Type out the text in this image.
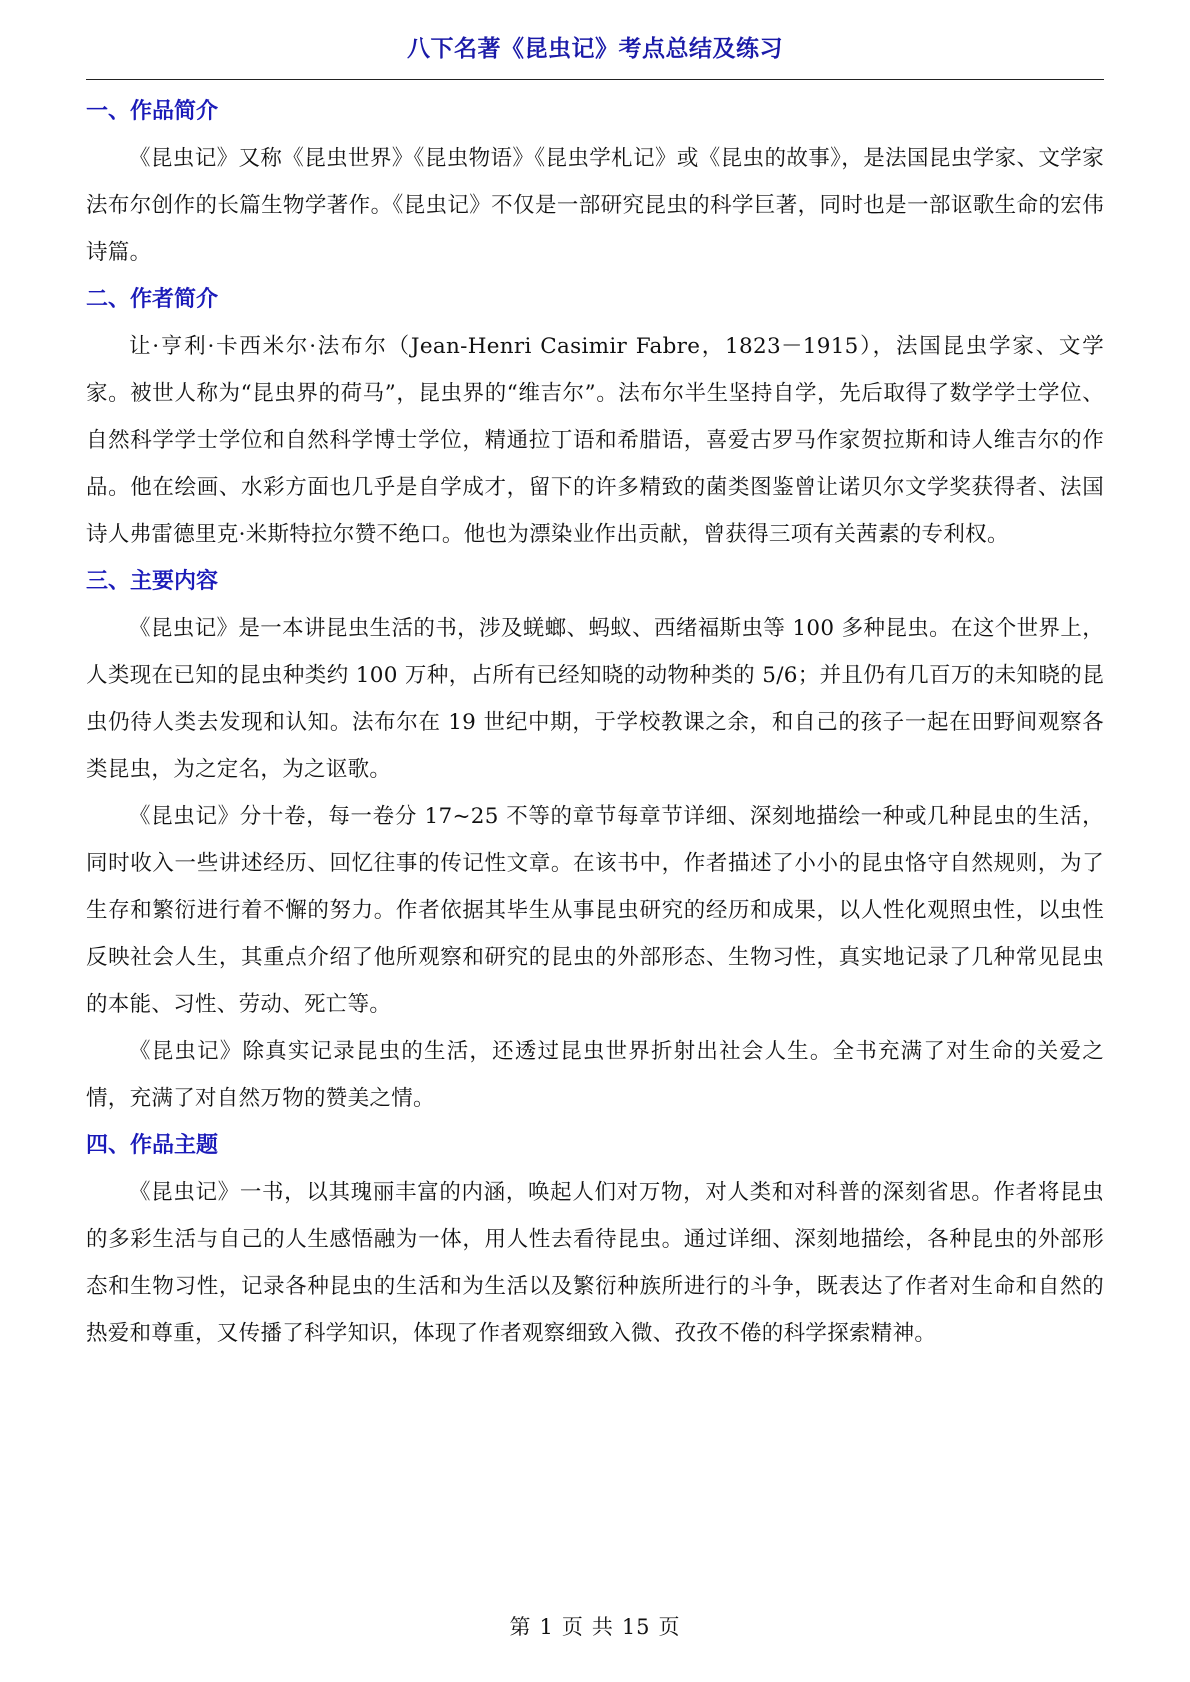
八下名著《昆虫记》考点总结及练习
一、作品简介

《昆虫记》又称《昆虫世界》《昆虫物语》《昆虫学札记》或《昆虫的故事》，是法国昆虫学家、文学家法布尔创作的长篇生物学著作。《昆虫记》不仅是一部研究昆虫的科学巨著，同时也是一部讴歌生命的宏伟诗篇。

二、作者简介

让·亨利·卡西米尔·法布尔（Jean-Henri Casimir Fabre，1823－1915），法国昆虫学家、文学家。被世人称为“昆虫界的荷马”，昆虫界的“维吉尔”。法布尔半生坚持自学，先后取得了数学学士学位、自然科学学士学位和自然科学博士学位，精通拉丁语和希腊语，喜爱古罗马作家贺拉斯和诗人维吉尔的作品。他在绘画、水彩方面也几乎是自学成才，留下的许多精致的菌类图鉴曾让诺贝尔文学奖获得者、法国诗人弗雷德里克·米斯特拉尔赞不绝口。他也为漂染业作出贡献，曾获得三项有关茜素的专利权。

三、主要内容

《昆虫记》是一本讲昆虫生活的书，涉及蜣螂、蚂蚁、西绪福斯虫等 100 多种昆虫。在这个世界上，人类现在已知的昆虫种类约 100 万种，占所有已经知晓的动物种类的 5/6；并且仍有几百万的未知晓的昆虫仍待人类去发现和认知。法布尔在 19 世纪中期，于学校教课之余，和自己的孩子一起在田野间观察各类昆虫，为之定名，为之讴歌。

《昆虫记》分十卷，每一卷分 17~25 不等的章节每章节详细、深刻地描绘一种或几种昆虫的生活，同时收入一些讲述经历、回忆往事的传记性文章。在该书中，作者描述了小小的昆虫恪守自然规则，为了生存和繁衍进行着不懈的努力。作者依据其毕生从事昆虫研究的经历和成果，以人性化观照虫性，以虫性反映社会人生，其重点介绍了他所观察和研究的昆虫的外部形态、生物习性，真实地记录了几种常见昆虫的本能、习性、劳动、死亡等。

《昆虫记》除真实记录昆虫的生活，还透过昆虫世界折射出社会人生。全书充满了对生命的关爱之情，充满了对自然万物的赞美之情。

四、作品主题

《昆虫记》一书，以其瑰丽丰富的内涵，唤起人们对万物，对人类和对科普的深刻省思。作者将昆虫的多彩生活与自己的人生感悟融为一体，用人性去看待昆虫。通过详细、深刻地描绘，各种昆虫的外部形态和生物习性，记录各种昆虫的生活和为生活以及繁衍种族所进行的斗争，既表达了作者对生命和自然的热爱和尊重，又传播了科学知识，体现了作者观察细致入微、孜孜不倦的科学探索精神。

第 1 页 共 15 页
